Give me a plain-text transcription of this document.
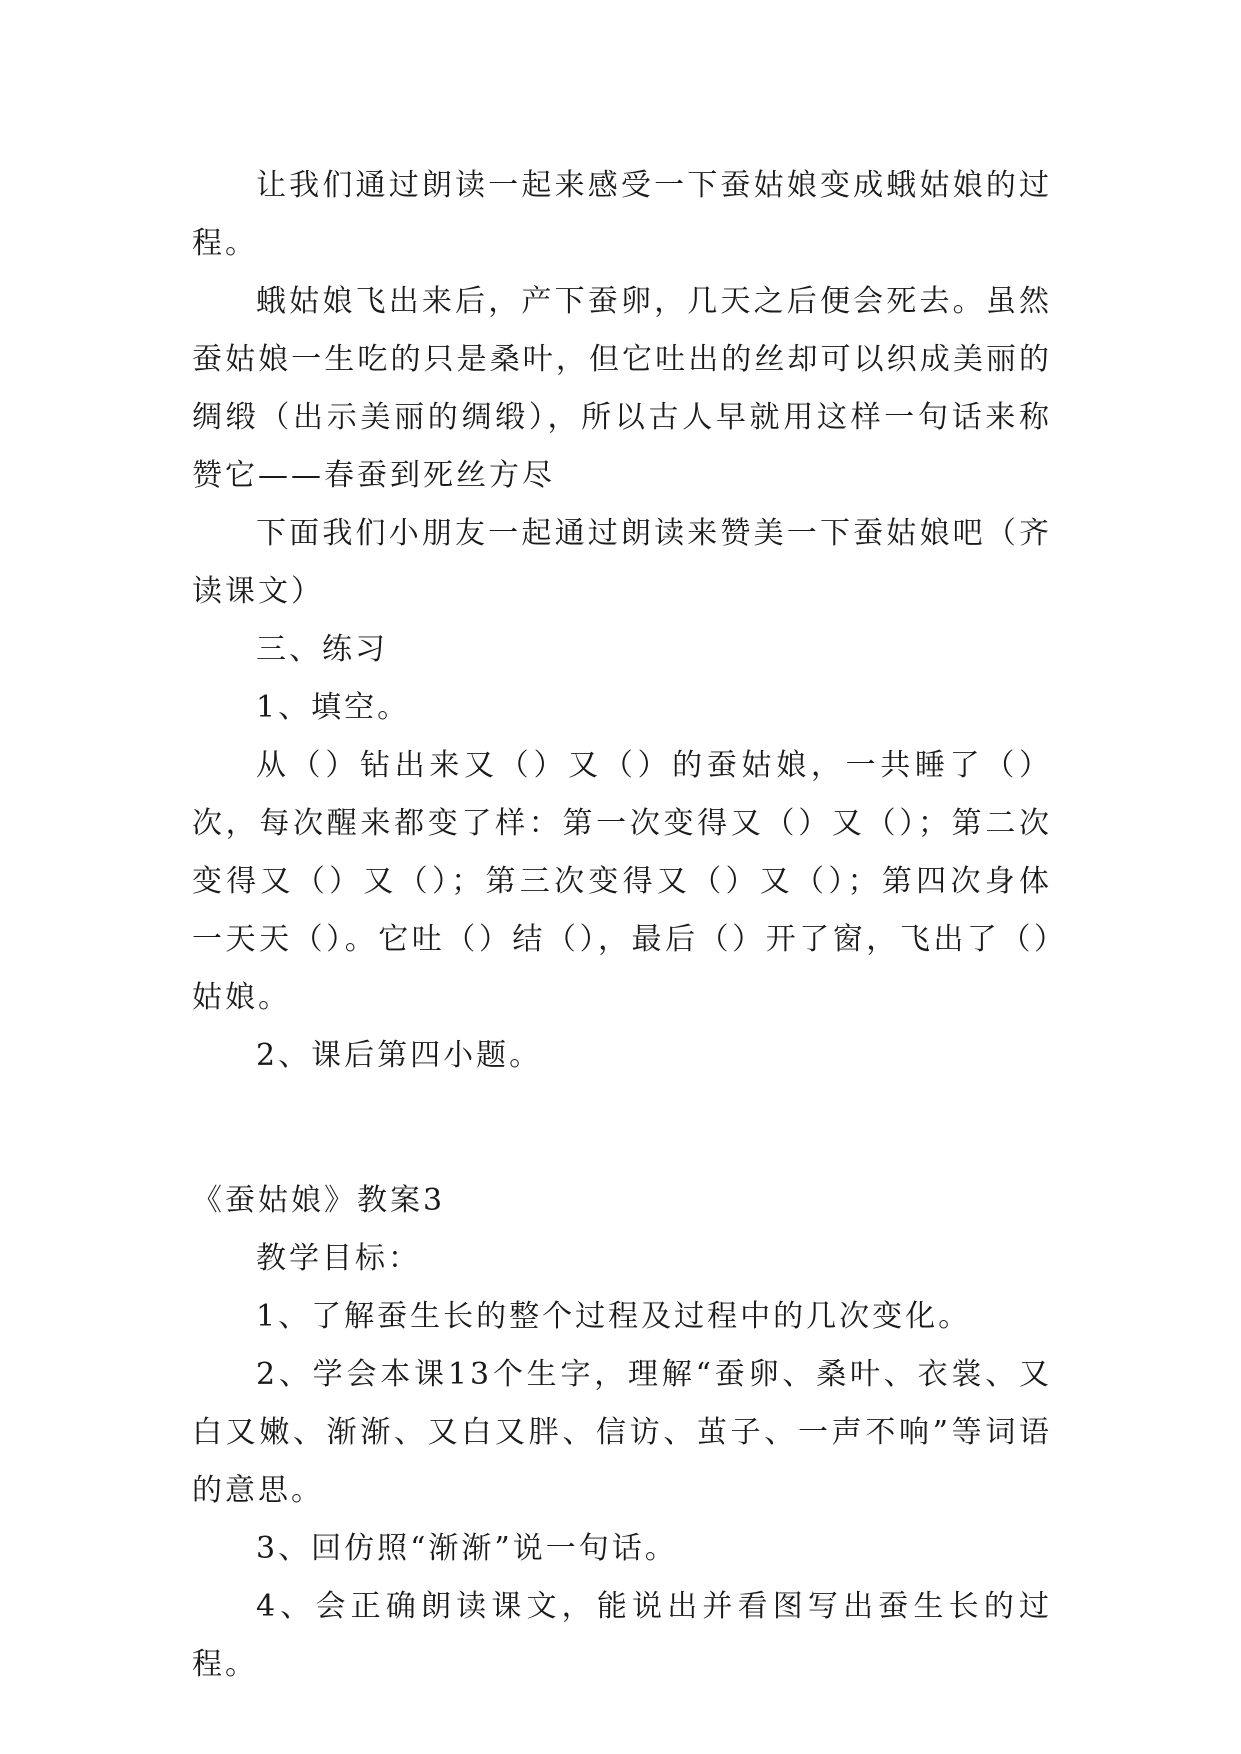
让我们通过朗读一起来感受一下蚕姑娘变成蛾姑娘的过程。

蛾姑娘飞出来后，产下蚕卵，几天之后便会死去。虽然蚕姑娘一生吃的只是桑叶，但它吐出的丝却可以织成美丽的绸缎（出示美丽的绸缎），所以古人早就用这样一句话来称赞它——春蚕到死丝方尽

下面我们小朋友一起通过朗读来赞美一下蚕姑娘吧（齐读课文）

三、练习

1、填空。

从（）钻出来又（）又（）的蚕姑娘，一共睡了（）次，每次醒来都变了样：第一次变得又（）又（）；第二次变得又（）又（）；第三次变得又（）又（）；第四次身体一天天（）。它吐（）结（），最后（）开了窗，飞出了（）姑娘。

2、课后第四小题。

《蚕姑娘》教案3

教学目标：

1、了解蚕生长的整个过程及过程中的几次变化。

2、学会本课13个生字，理解“蚕卵、桑叶、衣裳、又白又嫩、渐渐、又白又胖、信访、茧子、一声不响”等词语的意思。

3、回仿照“渐渐”说一句话。

4、会正确朗读课文，能说出并看图写出蚕生长的过程。
